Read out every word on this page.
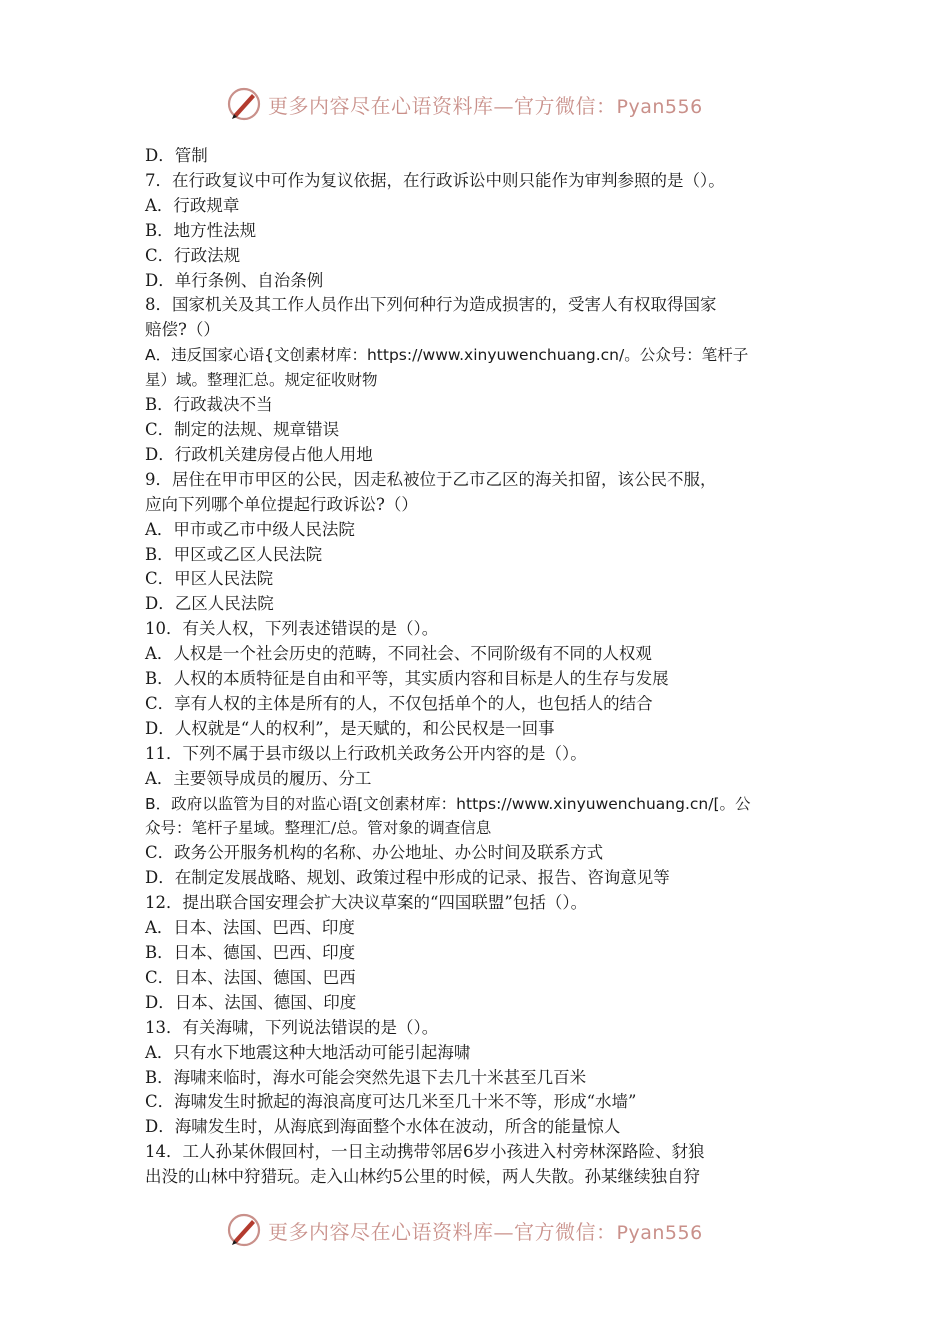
更多内容尽在心语资料库—官方微信：Pyan556

D．管制

7．在行政复议中可作为复议依据，在行政诉讼中则只能作为审判参照的是（）。

A．行政规章

B．地方性法规

C．行政法规

D．单行条例、自治条例

8．国家机关及其工作人员作出下列何种行为造成损害的，受害人有权取得国家

赔偿?（）

A．违反国家心语{文创素材库：https://www.xinyuwenchuang.cn/。公众号：笔杆子

星）域。整理汇总。规定征收财物

B．行政裁决不当

C．制定的法规、规章错误

D．行政机关建房侵占他人用地

9．居住在甲市甲区的公民，因走私被位于乙市乙区的海关扣留，该公民不服，

应向下列哪个单位提起行政诉讼?（）

A．甲市或乙市中级人民法院

B．甲区或乙区人民法院

C．甲区人民法院

D．乙区人民法院

10．有关人权，下列表述错误的是（）。

A．人权是一个社会历史的范畴，不同社会、不同阶级有不同的人权观

B．人权的本质特征是自由和平等，其实质内容和目标是人的生存与发展

C．享有人权的主体是所有的人，不仅包括单个的人，也包括人的结合

D．人权就是“人的权利”，是天赋的，和公民权是一回事

11．下列不属于县市级以上行政机关政务公开内容的是（）。

A．主要领导成员的履历、分工

B．政府以监管为目的对监心语[文创素材库：https://www.xinyuwenchuang.cn/[。公

众号：笔杆子星域。整理汇/总。管对象的调查信息

C．政务公开服务机构的名称、办公地址、办公时间及联系方式

D．在制定发展战略、规划、政策过程中形成的记录、报告、咨询意见等

12．提出联合国安理会扩大决议草案的“四国联盟”包括（）。

A．日本、法国、巴西、印度

B．日本、德国、巴西、印度

C．日本、法国、德国、巴西

D．日本、法国、德国、印度

13．有关海啸，下列说法错误的是（）。

A．只有水下地震这种大地活动可能引起海啸

B．海啸来临时，海水可能会突然先退下去几十米甚至几百米

C．海啸发生时掀起的海浪高度可达几米至几十米不等，形成“水墙”

D．海啸发生时，从海底到海面整个水体在波动，所含的能量惊人

14．工人孙某休假回村，一日主动携带邻居6岁小孩进入村旁林深路险、豺狼

出没的山林中狩猎玩。走入山林约5公里的时候，两人失散。孙某继续独自狩

更多内容尽在心语资料库—官方微信：Pyan556
